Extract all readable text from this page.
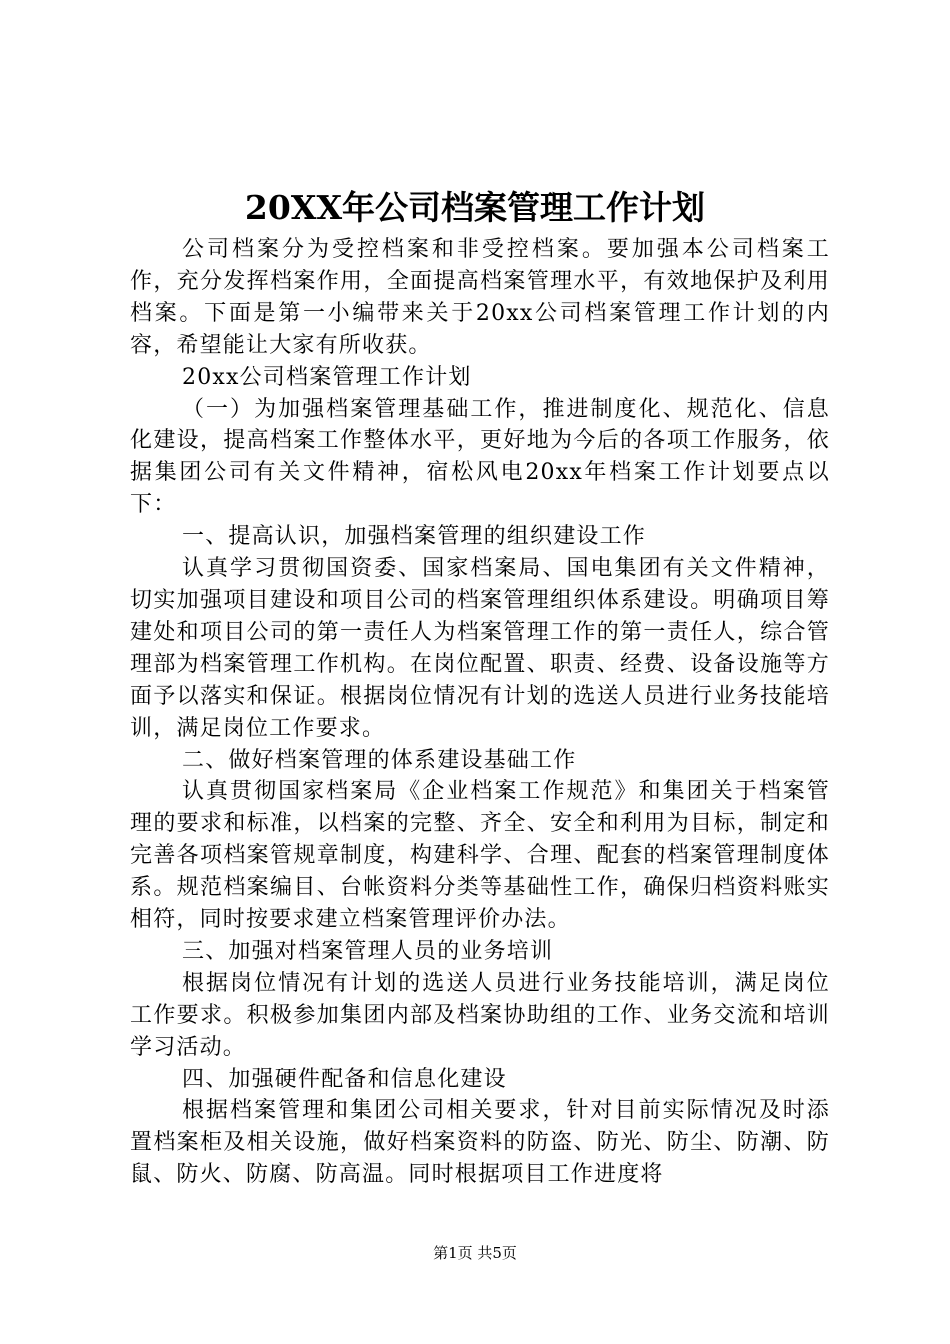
20XX年公司档案管理工作计划

公司档案分为受控档案和非受控档案。要加强本公司档案工作，充分发挥档案作用，全面提高档案管理水平，有效地保护及利用档案。下面是第一小编带来关于20xx公司档案管理工作计划的内容，希望能让大家有所收获。

20xx公司档案管理工作计划

（一）为加强档案管理基础工作，推进制度化、规范化、信息化建设，提高档案工作整体水平，更好地为今后的各项工作服务，依据集团公司有关文件精神，宿松风电20xx年档案工作计划要点以下：

一、提高认识，加强档案管理的组织建设工作

认真学习贯彻国资委、国家档案局、国电集团有关文件精神，切实加强项目建设和项目公司的档案管理组织体系建设。明确项目筹建处和项目公司的第一责任人为档案管理工作的第一责任人，综合管理部为档案管理工作机构。在岗位配置、职责、经费、设备设施等方面予以落实和保证。根据岗位情况有计划的选送人员进行业务技能培训，满足岗位工作要求。

二、做好档案管理的体系建设基础工作

认真贯彻国家档案局《企业档案工作规范》和集团关于档案管理的要求和标准，以档案的完整、齐全、安全和利用为目标，制定和完善各项档案管规章制度，构建科学、合理、配套的档案管理制度体系。规范档案编目、台帐资料分类等基础性工作，确保归档资料账实相符，同时按要求建立档案管理评价办法。

三、加强对档案管理人员的业务培训

根据岗位情况有计划的选送人员进行业务技能培训，满足岗位工作要求。积极参加集团内部及档案协助组的工作、业务交流和培训学习活动。

四、加强硬件配备和信息化建设

根据档案管理和集团公司相关要求，针对目前实际情况及时添置档案柜及相关设施，做好档案资料的防盗、防光、防尘、防潮、防鼠、防火、防腐、防高温。同时根据项目工作进度将

第1页 共5页
